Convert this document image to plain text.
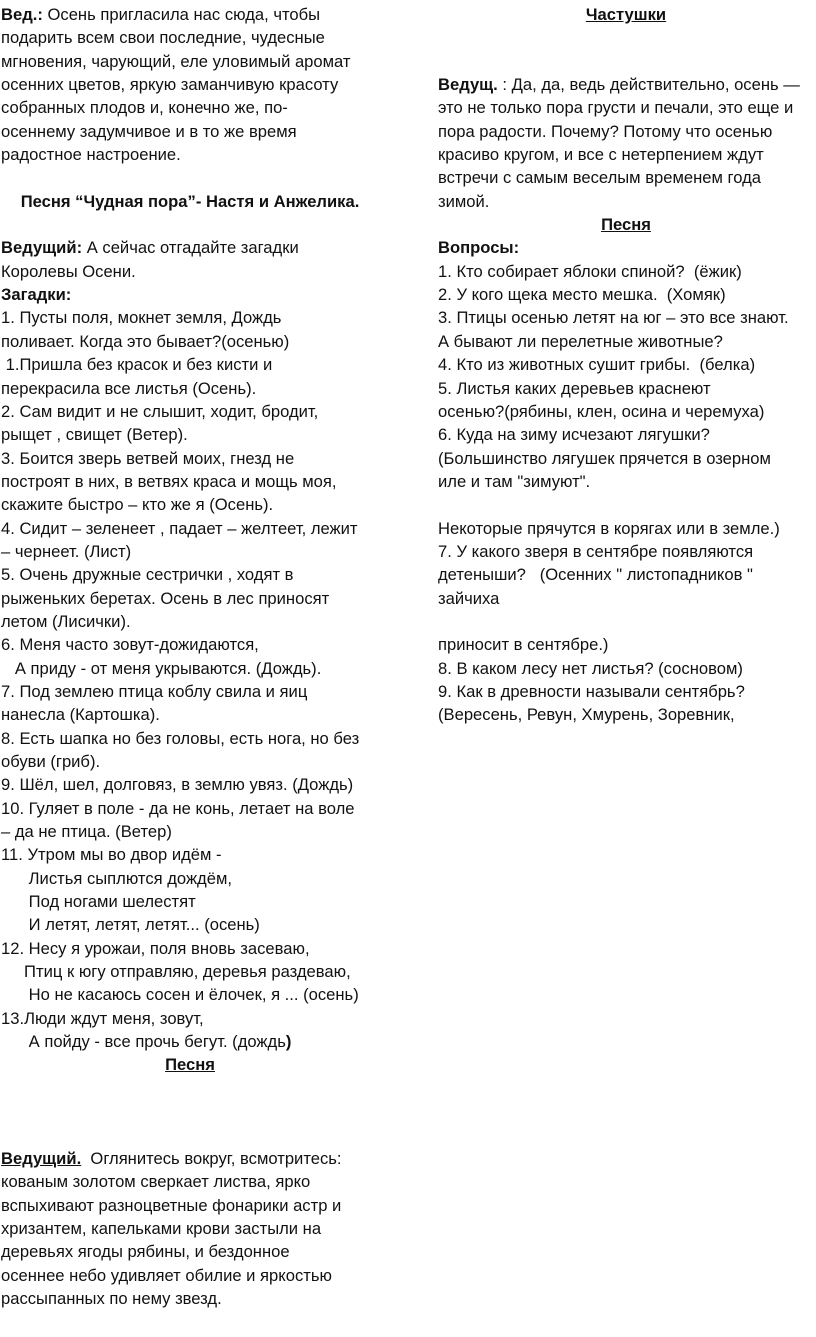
Вед.: Осень пригласила нас сюда, чтобы
подарить всем свои последние, чудесные
мгновения, чарующий, еле уловимый аромат
осенних цветов, яркую заманчивую красоту
собранных плодов и, конечно же, по-
осеннему задумчивое и в то же время
радостное настроение.
Песня “Чудная пора”- Настя и Анжелика.
Ведущий: А сейчас отгадайте загадки
Королевы Осени.
Загадки:
1. Пусты поля, мокнет земля, Дождь
поливает. Когда это бывает?(осенью)
1.Пришла без красок и без кисти и
перекрасила все листья (Осень).
2. Сам видит и не слышит, ходит, бродит,
рыщет , свищет (Ветер).
3. Боится зверь ветвей моих, гнезд не
построят в них, в ветвях краса и мощь моя,
скажите быстро – кто же я (Осень).
4. Сидит – зеленеет , падает – желтеет, лежит
– чернеет. (Лист)
5. Очень дружные сестрички , ходят в
рыженьких беретах. Осень в лес приносят
летом (Лисички).
6. Меня часто зовут-дожидаются,
А приду - от меня укрываются. (Дождь).
7. Под землею птица коблу свила и яиц
нанесла (Картошка).
8. Есть шапка но без головы, есть нога, но без
обуви (гриб).
9. Шёл, шел, долговяз, в землю увяз. (Дождь)
10. Гуляет в поле - да не конь, летает на воле
– да не птица. (Ветер)
11. Утром мы во двор идём -
Листья сыплются дождём,
Под ногами шелестят
И летят, летят, летят... (осень)
12. Несу я урожаи, поля вновь засеваю,
Птиц к югу отправляю, деревья раздеваю,
Но не касаюсь сосен и ёлочек, я ... (осень)
13.Люди ждут меня, зовут,
А пойду - все прочь бегут. (дождь)
Песня
Ведущий.  Оглянитесь вокруг, всмотритесь:
кованым золотом сверкает листва, ярко
вспыхивают разноцветные фонарики астр и
хризантем, капельками крови застыли на
деревьях ягоды рябины, и бездонное
осеннее небо удивляет обилие и яркостью
рассыпанных по нему звезд.
Частушки
Ведущ. : Да, да, ведь действительно, осень —
это не только пора грусти и печали, это еще и
пора радости. Почему? Потому что осенью
красиво кругом, и все с нетерпением ждут
встречи с самым веселым временем года
зимой.
Песня
Вопросы:
1. Кто собирает яблоки спиной?  (ёжик)
2. У кого щека место мешка.  (Хомяк)
3. Птицы осенью летят на юг – это все знают.
А бывают ли перелетные животные?
4. Кто из животных сушит грибы.  (белка)
5. Листья каких деревьев краснеют
осенью?(рябины, клен, осина и черемуха)
6. Куда на зиму исчезают лягушки?
(Большинство лягушек прячется в озерном
иле и там "зимуют".
Некоторые прячутся в корягах или в земле.)
7. У какого зверя в сентябре появляются
детеныши?   (Осенних " листопадников "
зайчиха
приносит в сентябре.)
8. В каком лесу нет листья? (сосновом)
9. Как в древности называли сентябрь?
(Вересень, Ревун, Хмурень, Зоревник,
